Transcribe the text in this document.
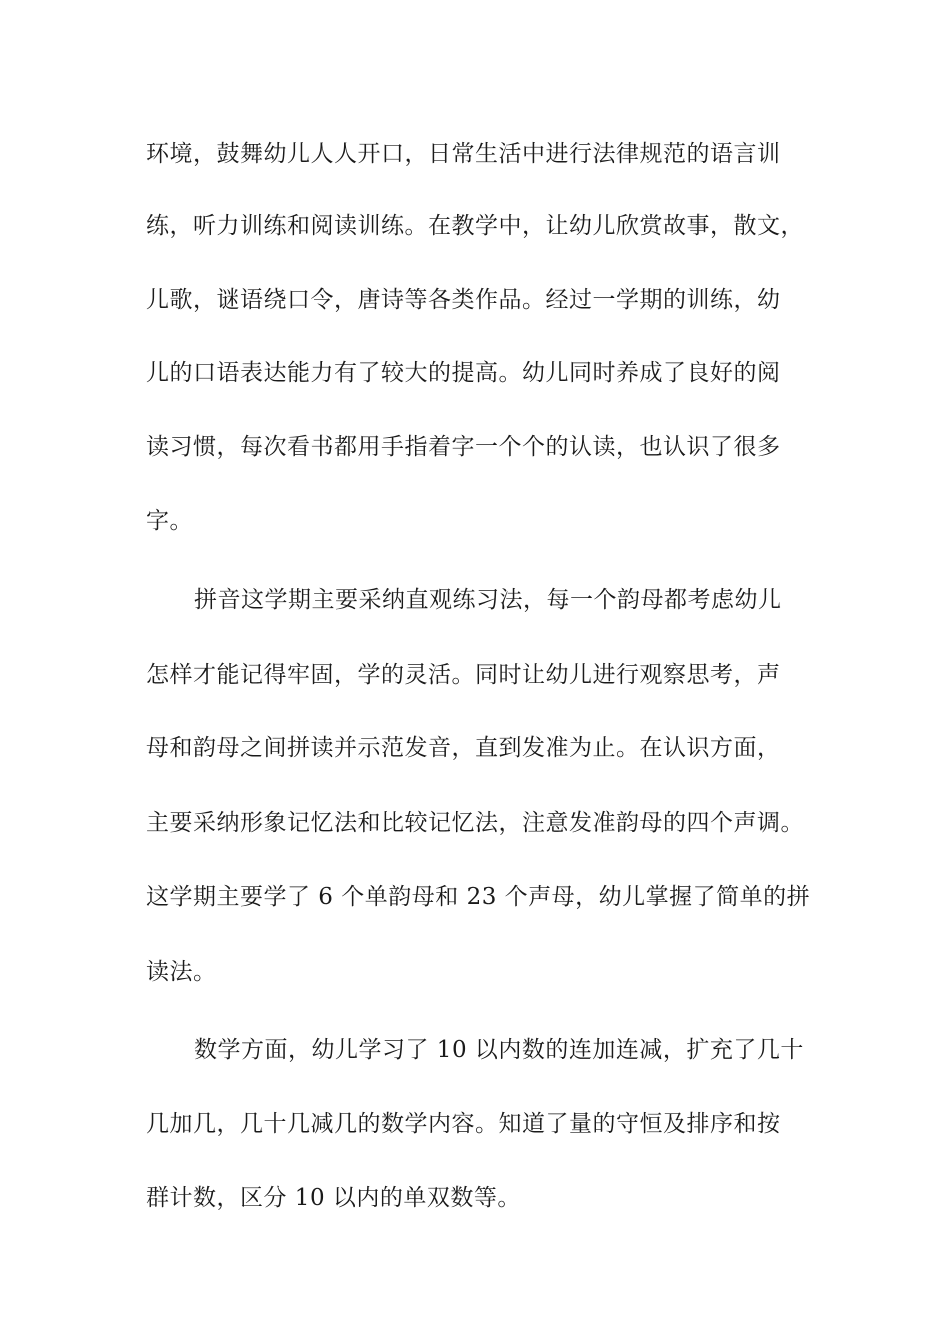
环境，鼓舞幼儿人人开口，日常生活中进行法律规范的语言训
练，听力训练和阅读训练。在教学中，让幼儿欣赏故事，散文，
儿歌，谜语绕口令，唐诗等各类作品。经过一学期的训练，幼
儿的口语表达能力有了较大的提高。幼儿同时养成了良好的阅
读习惯，每次看书都用手指着字一个个的认读，也认识了很多
字。
拼音这学期主要采纳直观练习法，每一个韵母都考虑幼儿
怎样才能记得牢固，学的灵活。同时让幼儿进行观察思考，声
母和韵母之间拼读并示范发音，直到发准为止。在认识方面，
主要采纳形象记忆法和比较记忆法，注意发准韵母的四个声调。
这学期主要学了 6 个单韵母和 23 个声母，幼儿掌握了简单的拼
读法。
数学方面，幼儿学习了 10 以内数的连加连减，扩充了几十
几加几，几十几减几的数学内容。知道了量的守恒及排序和按
群计数，区分 10 以内的单双数等。
